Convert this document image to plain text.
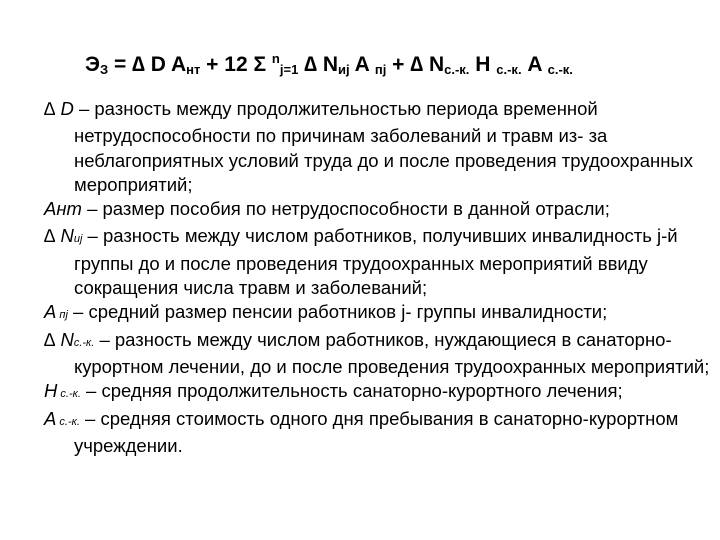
$Э_З$ = ∆ D $A_{нт} + 12$ Σ $^n_{j=1}$ ∆ $N_{иj}$ A $_{пj}$ + ∆ $N_{с.-к.}$ H $_{с.-к.}$ A $_{с.-к.}$
∆ D – разность между продолжительностью периода временной нетрудоспособности по причинам заболеваний и травм из- за неблагоприятных условий труда до и после проведения трудоохранных мероприятий;
Aнт – размер пособия по нетрудоспособности в данной отрасли;
∆ Nиj – разность между числом работников, получивших инвалидность j-й группы до и после проведения трудоохранных мероприятий ввиду сокращения числа травм и заболеваний;
A пj – средний размер пенсии работников j- группы инвалидности;
∆ Nс.-к. – разность между числом работников, нуждающиеся в санаторно-курортном лечении, до и после проведения трудоохранных мероприятий;
H с.-к. – средняя продолжительность санаторно-курортного лечения;
A с.-к. – средняя стоимость одного дня пребывания в санаторно-курортном учреждении.
